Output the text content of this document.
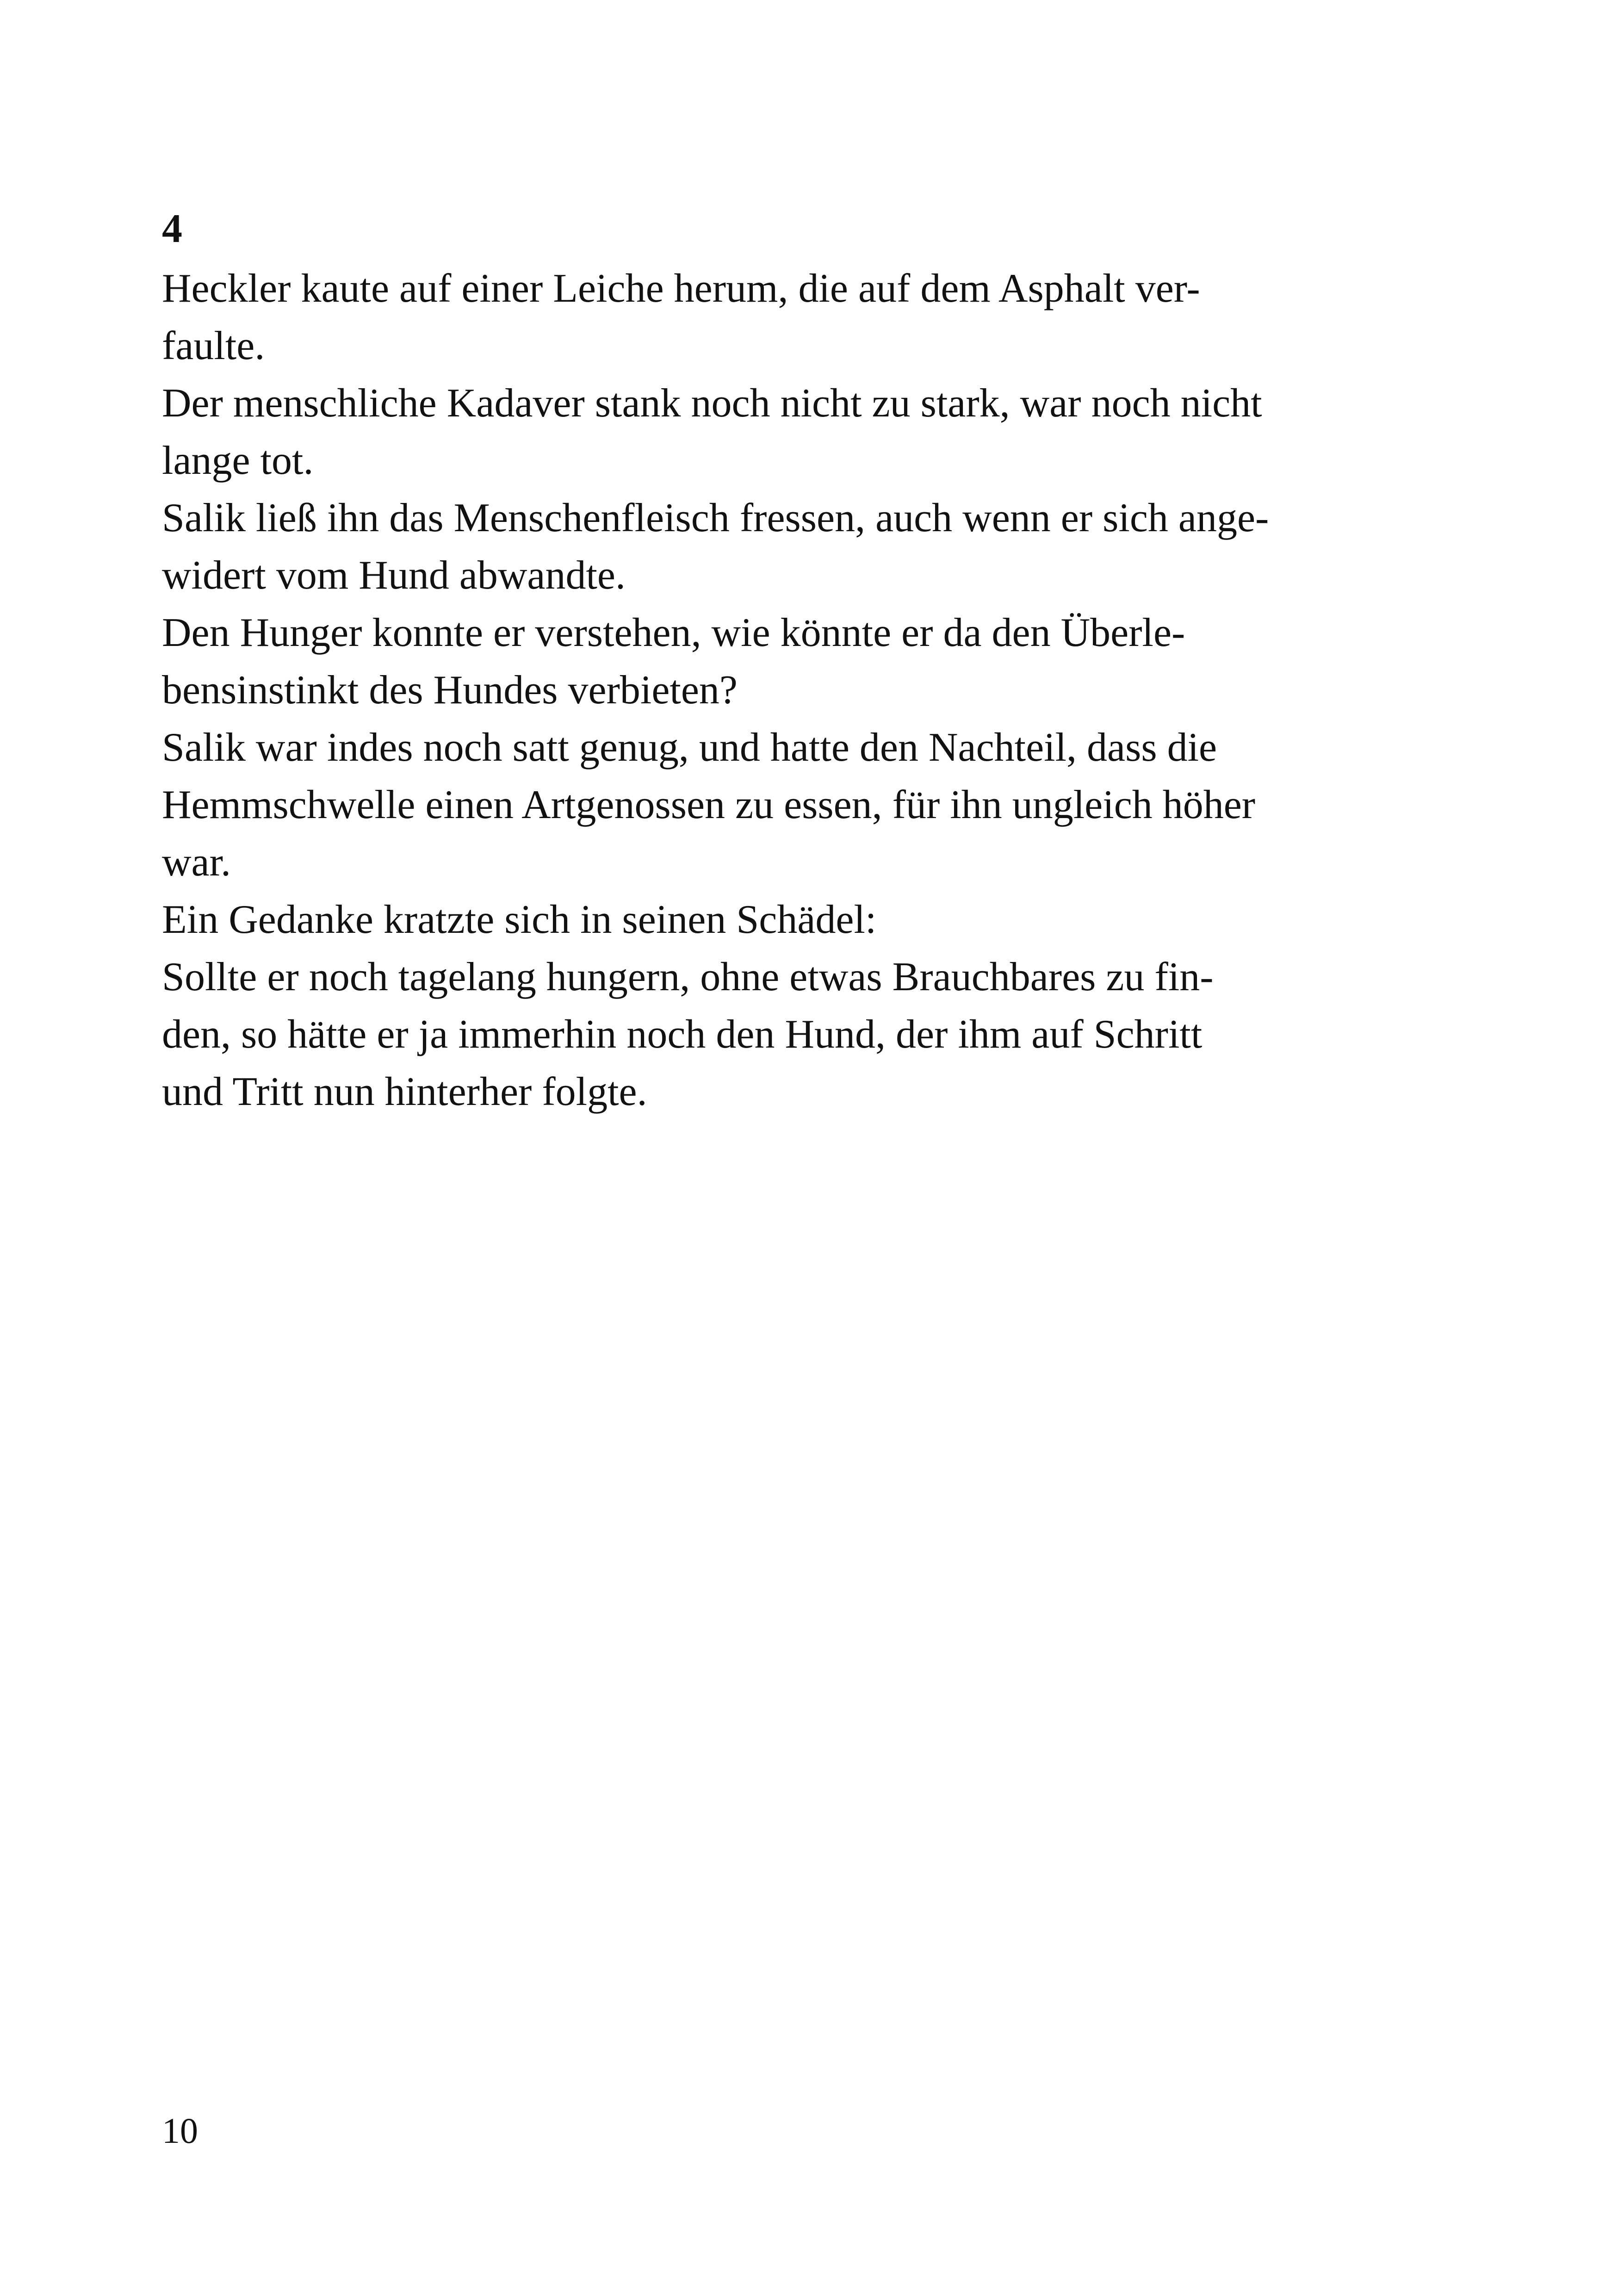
4
Heckler kaute auf einer Leiche herum, die auf dem Asphalt ver-
faulte.
Der menschliche Kadaver stank noch nicht zu stark, war noch nicht
lange tot.
Salik ließ ihn das Menschenfleisch fressen, auch wenn er sich ange-
widert vom Hund abwandte.
Den Hunger konnte er verstehen, wie könnte er da den Überle-
bensinstinkt des Hundes verbieten?
Salik war indes noch satt genug, und hatte den Nachteil, dass die
Hemmschwelle einen Artgenossen zu essen, für ihn ungleich höher
war.
Ein Gedanke kratzte sich in seinen Schädel:
Sollte er noch tagelang hungern, ohne etwas Brauchbares zu fin-
den, so hätte er ja immerhin noch den Hund, der ihm auf Schritt
und Tritt nun hinterher folgte.
10
